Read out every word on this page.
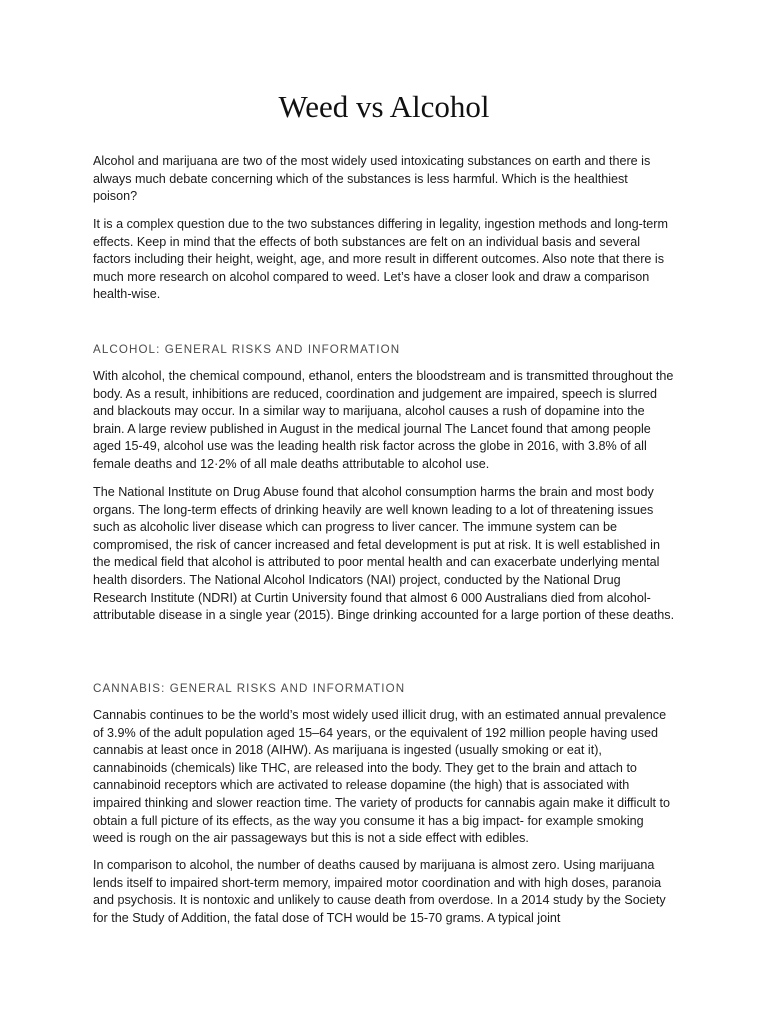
Weed vs Alcohol

Alcohol and marijuana are two of the most widely used intoxicating substances on earth and there is always much debate concerning which of the substances is less harmful. Which is the healthiest poison?

It is a complex question due to the two substances differing in legality, ingestion methods and long-term effects. Keep in mind that the effects of both substances are felt on an individual basis and several factors including their height, weight, age, and more result in different outcomes. Also note that there is much more research on alcohol compared to weed. Let’s have a closer look and draw a comparison health-wise.

ALCOHOL: GENERAL RISKS AND INFORMATION

With alcohol, the chemical compound, ethanol, enters the bloodstream and is transmitted throughout the body. As a result, inhibitions are reduced, coordination and judgement are impaired, speech is slurred and blackouts may occur. In a similar way to marijuana, alcohol causes a rush of dopamine into the brain. A large review published in August in the medical journal The Lancet found that among people aged 15-49, alcohol use was the leading health risk factor across the globe in 2016, with 3.8% of all female deaths and 12·2% of all male deaths attributable to alcohol use.

The National Institute on Drug Abuse found that alcohol consumption harms the brain and most body organs. The long-term effects of drinking heavily are well known leading to a lot of threatening issues such as alcoholic liver disease which can progress to liver cancer. The immune system can be compromised, the risk of cancer increased and fetal development is put at risk. It is well established in the medical field that alcohol is attributed to poor mental health and can exacerbate underlying mental health disorders. The National Alcohol Indicators (NAI) project, conducted by the National Drug Research Institute (NDRI) at Curtin University found that almost 6 000 Australians died from alcohol-attributable disease in a single year (2015). Binge drinking accounted for a large portion of these deaths.

CANNABIS: GENERAL RISKS AND INFORMATION

Cannabis continues to be the world’s most widely used illicit drug, with an estimated annual prevalence of 3.9% of the adult population aged 15–64 years, or the equivalent of 192 million people having used cannabis at least once in 2018 (AIHW). As marijuana is ingested (usually smoking or eat it), cannabinoids (chemicals) like THC, are released into the body. They get to the brain and attach to cannabinoid receptors which are activated to release dopamine (the high) that is associated with impaired thinking and slower reaction time. The variety of products for cannabis again make it difficult to obtain a full picture of its effects, as the way you consume it has a big impact- for example smoking weed is rough on the air passageways but this is not a side effect with edibles.

In comparison to alcohol, the number of deaths caused by marijuana is almost zero. Using marijuana lends itself to impaired short-term memory, impaired motor coordination and with high doses, paranoia and psychosis. It is nontoxic and unlikely to cause death from overdose. In a 2014 study by the Society for the Study of Addition, the fatal dose of TCH would be 15-70 grams. A typical joint
